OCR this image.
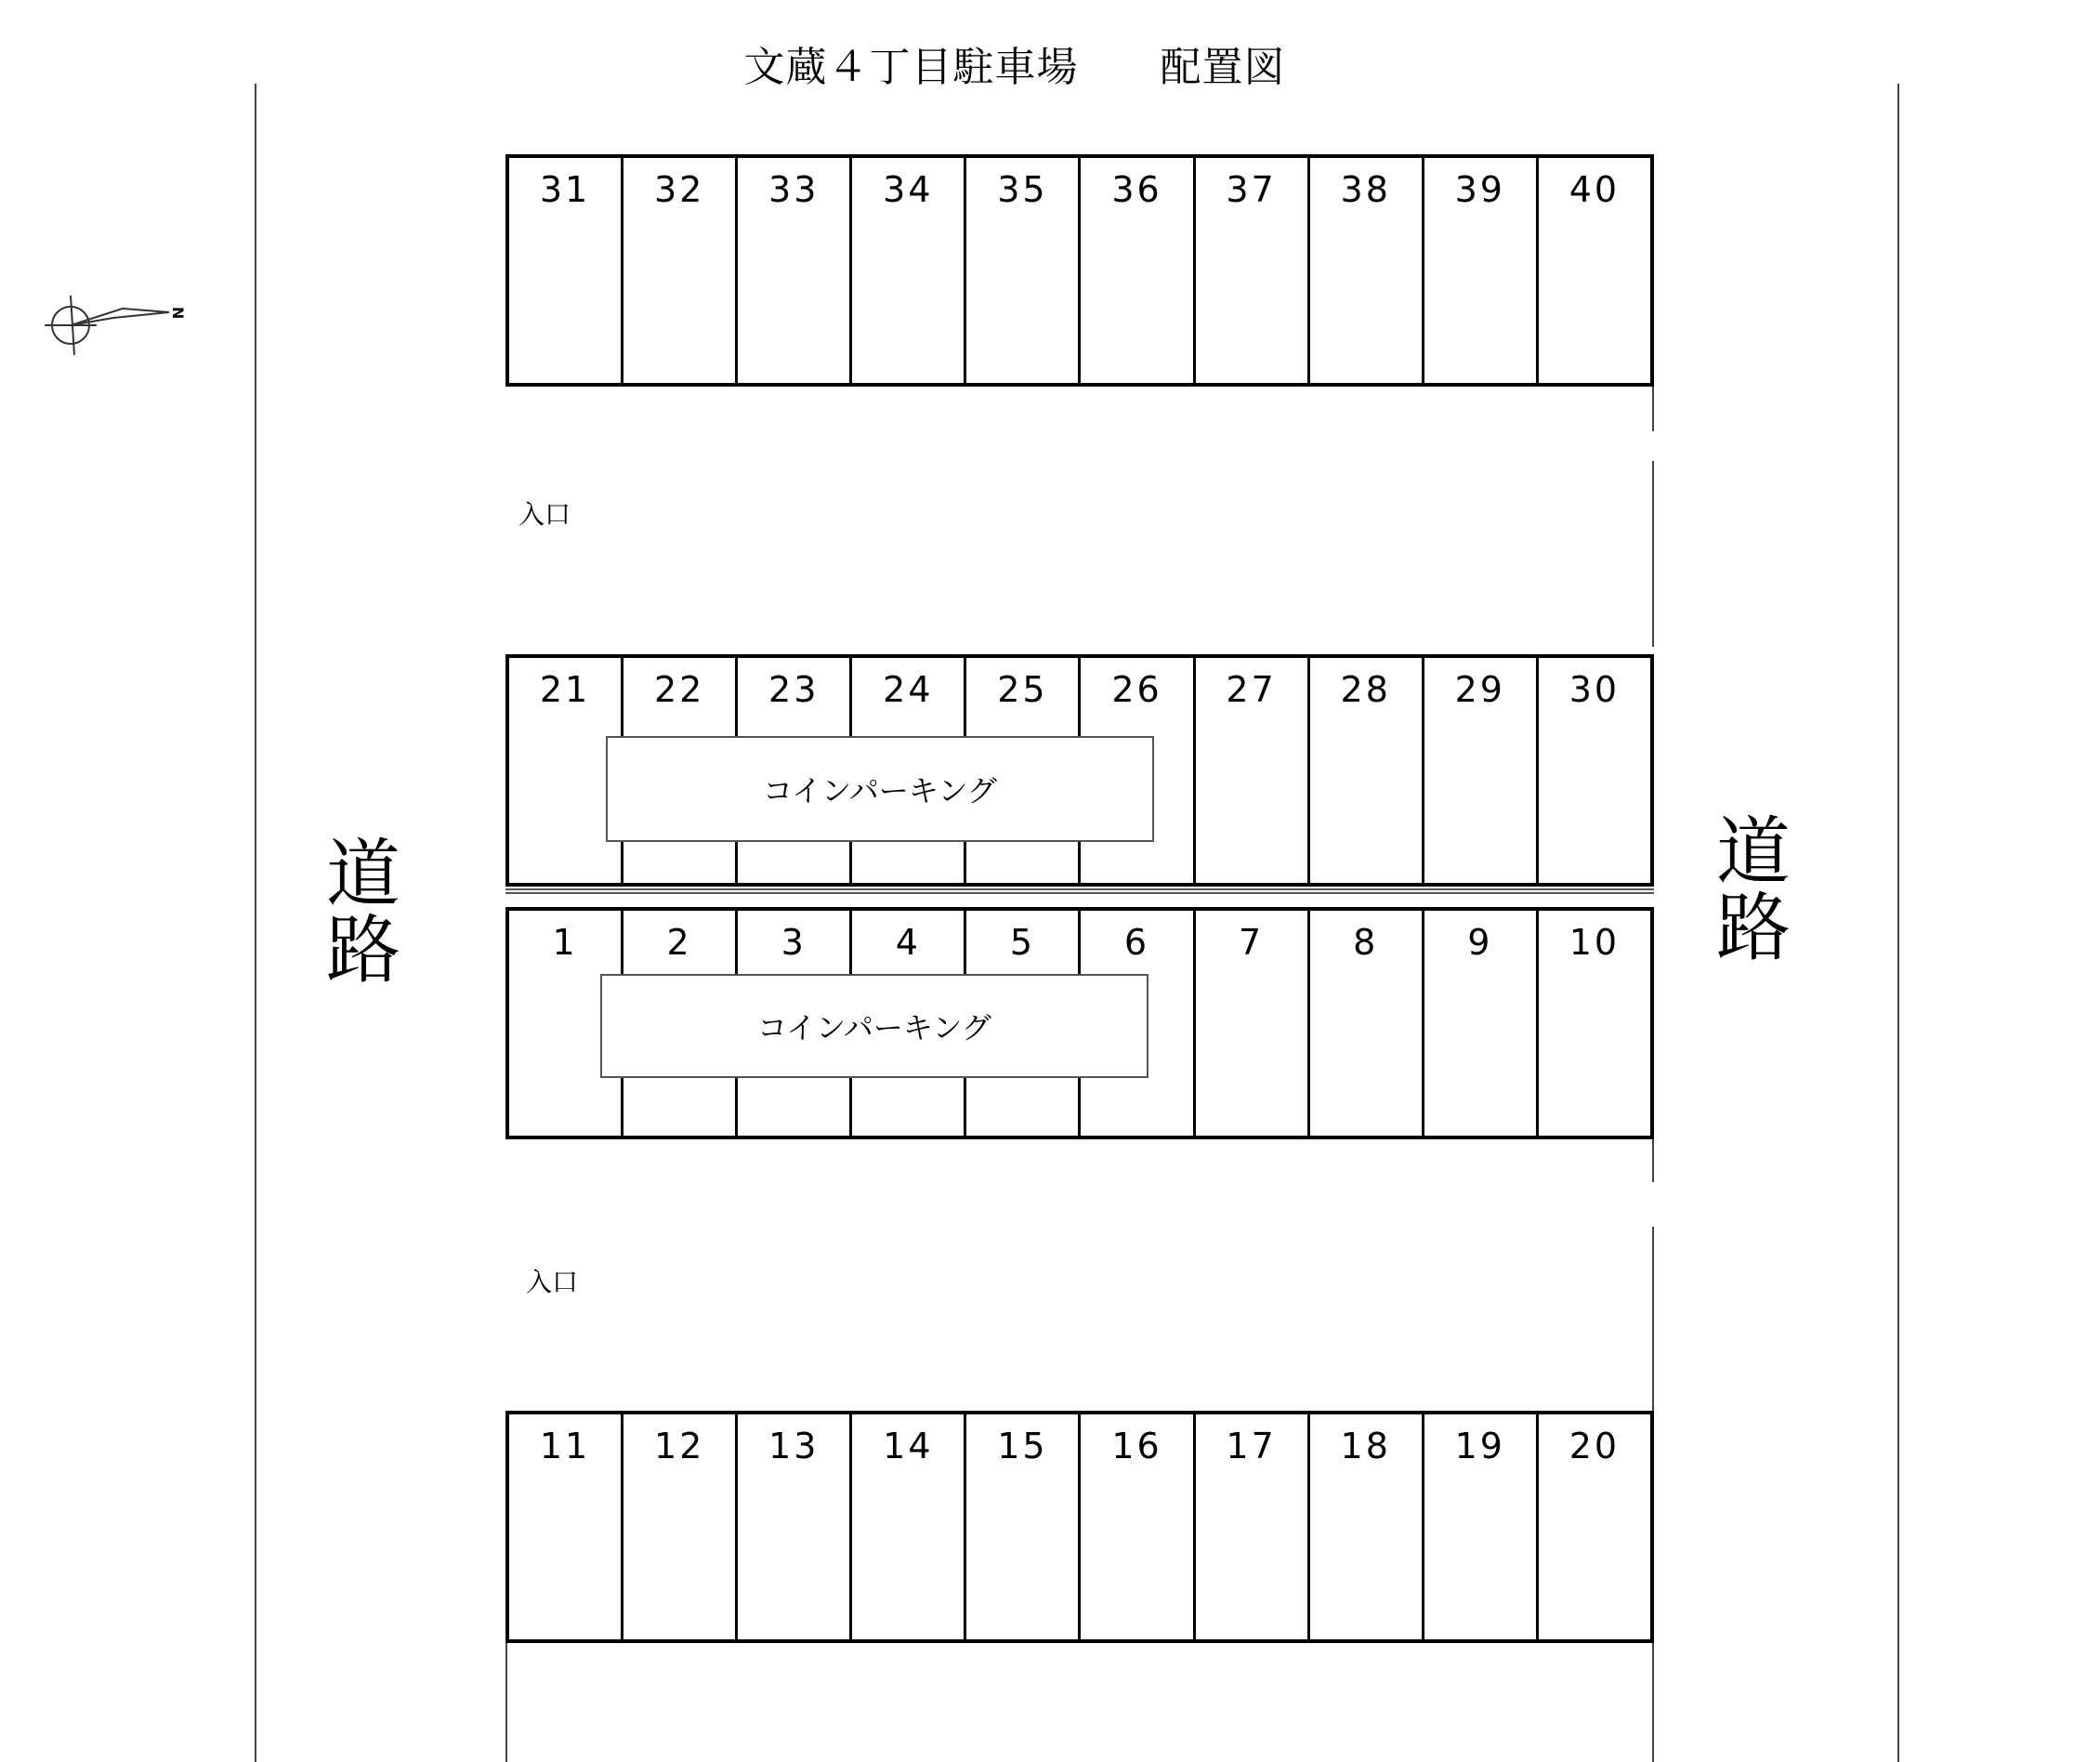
文蔵４丁目駐車場 配置図
N
道
路
道
路
入口
入口
31	32	33	34	35	36	37	38	39	40
21	22	23	24	25	26	27	28	29	30
1	2	3	4	5	6	7	8	9	10
11	12	13	14	15	16	17	18	19	20
コインパーキング
コインパーキング
